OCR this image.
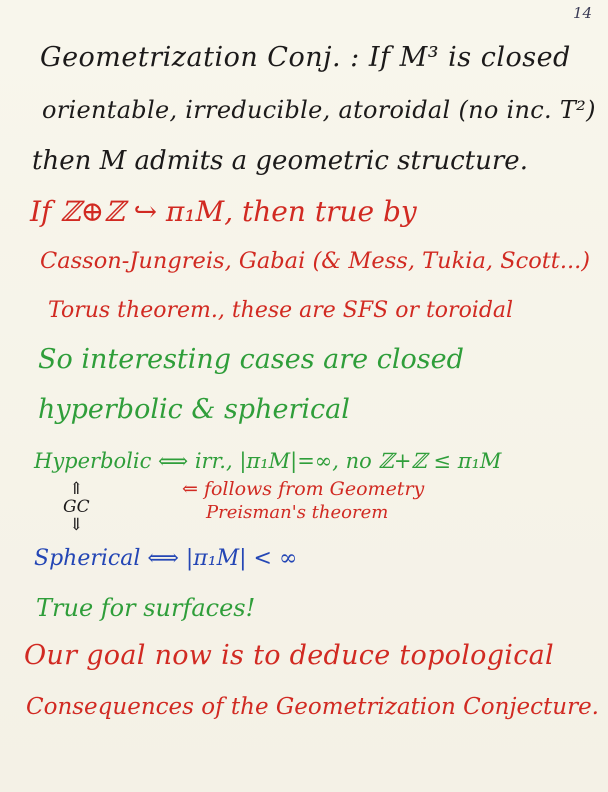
14
Geometrization Conj. : If M³ is closed
orientable, irreducible, atoroidal (no inc. T²)
then M admits a geometric structure.
If ℤ⊕ℤ ↪ π₁M, then true by
Casson-Jungreis, Gabai (& Mess, Tukia, Scott...)
Torus theorem., these are SFS or toroidal
So interesting cases are closed
hyperbolic & spherical
Hyperbolic ⟺ irr., |π₁M|=∞, no ℤ+ℤ ≤ π₁M
⇑
GC
⇓
⇐ follows from Geometry
Preisman's theorem
Spherical ⟺ |π₁M| < ∞
True for surfaces!
Our goal now is to deduce topological
Consequences of the Geometrization Conjecture.
